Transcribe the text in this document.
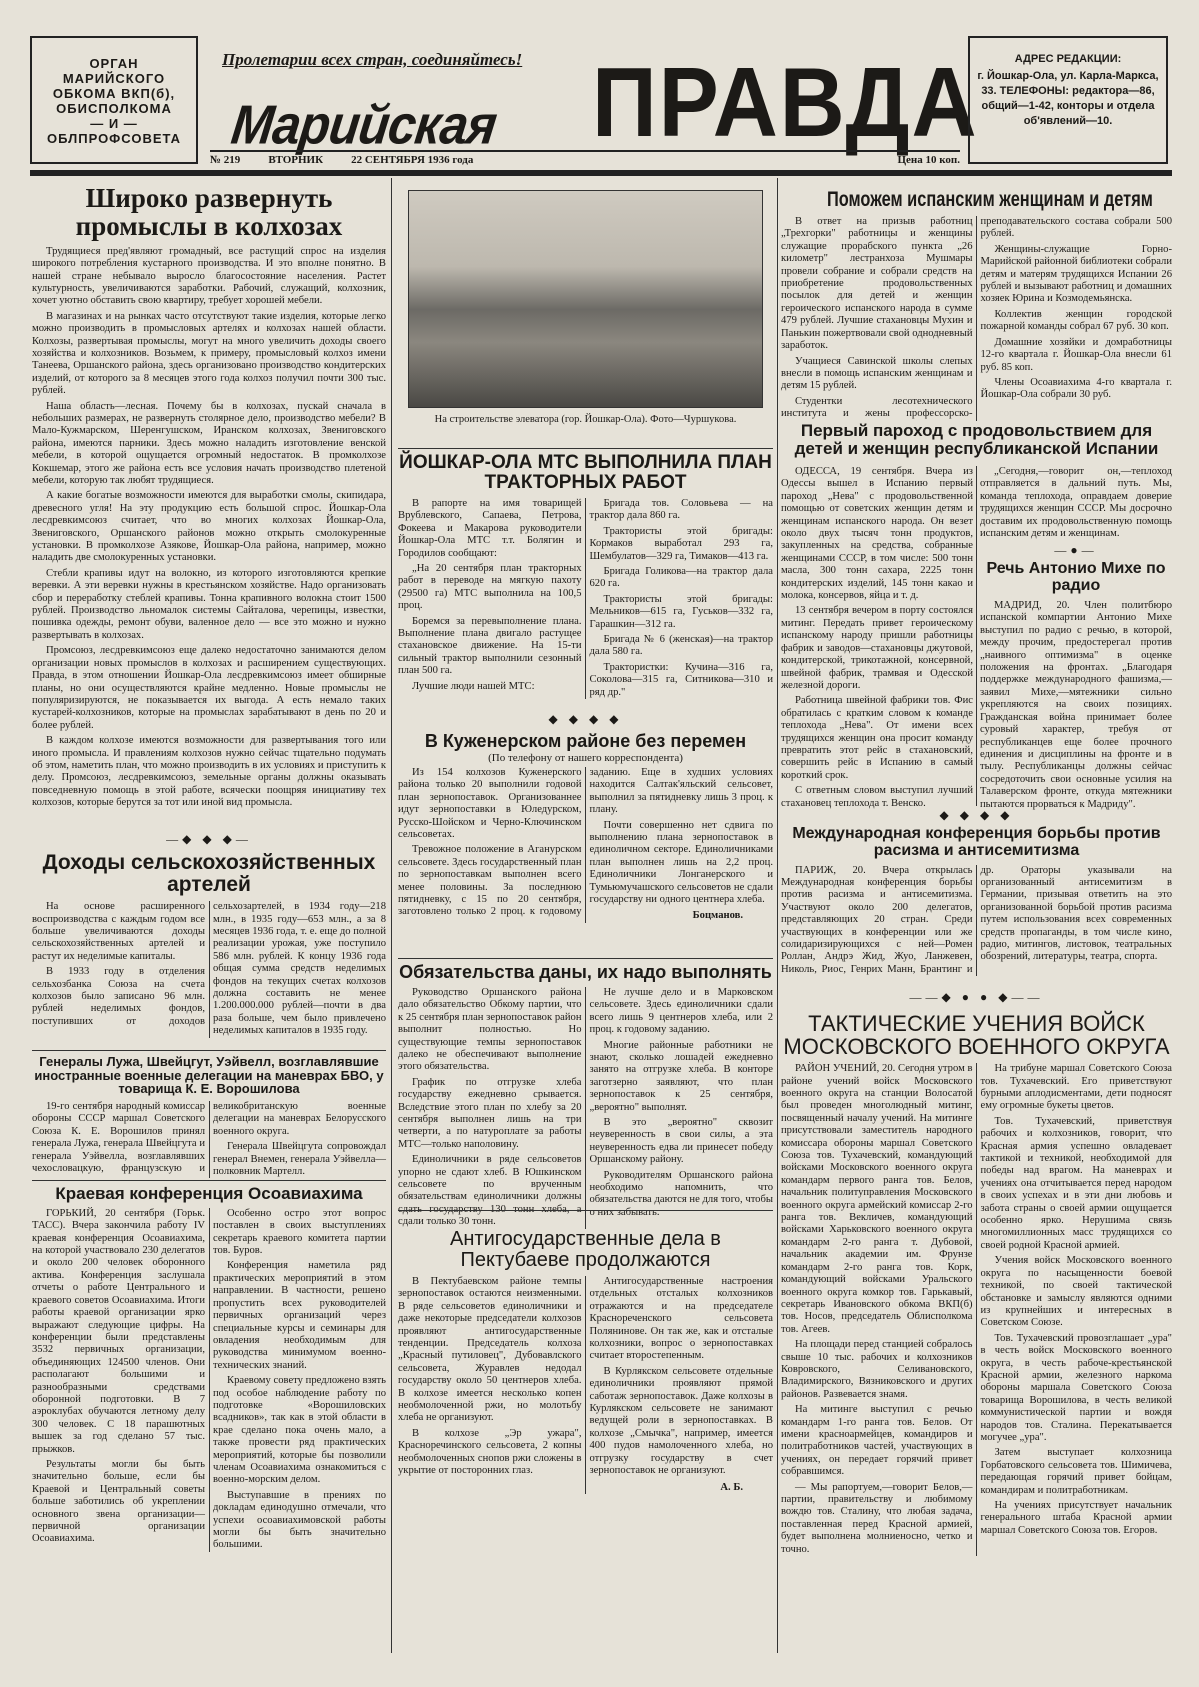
ОРГАН
МАРИЙСКОГО
ОБКОМА ВКП(б),
ОБИСПОЛКОМА
— И —
ОБЛПРОФСОВЕТА
Пролетарии всех стран, соединяйтесь!
Марийская ПРАВДА	АДРЕС РЕДАКЦИИ:
г. Йошкар-Ола, ул. Карла-Маркса, 33. ТЕЛЕФОНЫ: редактора—86, общий—1-42, конторы и отдела об'явлений—10.
№ 219	ВТОРНИК	22 СЕНТЯБРЯ 1936 года	Цена 10 коп.
Широко развернуть промыслы в колхозах

Трудящиеся пред'являют громадный, все растущий спрос на изделия широкого потребления кустарного производства. И это вполне понятно. В нашей стране небывало выросло благосостояние населения. Растет культурность, увеличиваются заработки. Рабочий, служащий, колхозник, хочет уютно обставить свою квартиру, требует хорошей мебели.

В магазинах и на рынках часто отсутствуют такие изделия, которые легко можно производить в промысловых артелях и колхозах нашей области. Колхозы, развертывая промыслы, могут на много увеличить доходы своего хозяйства и колхозников. Возьмем, к примеру, промысловый колхоз имени Танеева, Оршанского района, здесь организовано производство кондитерских изделий, от которого за 8 месяцев этого года колхоз получил почти 300 тыс. рублей.

Наша область—лесная. Почему бы в колхозах, пускай сначала в небольших размерах, не развернуть столярное дело, производство мебели? В Мало-Кужмарском, Шеренгушском, Иранском колхозах, Звениговского района, имеются парники. Здесь можно наладить изготовление венской мебели, в которой ощущается огромный недостаток. В промколхозе Кокшемар, этого же района есть все условия начать производство плетеной мебели, которую так любят трудящиеся.

А какие богатые возможности имеются для выработки смолы, скипидара, древесного угля! На эту продукцию есть большой спрос. Йошкар-Ола лесдревкимсоюз считает, что во многих колхозах Йошкар-Ола, Звениговского, Оршанского районов можно открыть смолокуренные установки. В промколхозе Азякове, Йошкар-Ола района, например, можно наладить две смолокуренных установки.

Стебли крапивы идут на волокно, из которого изготовляются крепкие веревки. А эти веревки нужны в крестьянском хозяйстве. Надо организовать сбор и переработку стеблей крапивы. Тонна крапивного волокна стоит 1500 рублей. Производство льномалок системы Сайталова, черепицы, известки, пошивка одежды, ремонт обуви, валенное дело — все это можно и нужно развертывать в колхозах.

Промсоюз, лесдревкимсоюз еще далеко недостаточно занимаются делом организации новых промыслов в колхозах и расширением существующих. Правда, в этом отношении Йошкар-Ола лесдревкимсоюз имеет обширные планы, но они осуществляются крайне медленно. Новые промыслы не популяризируются, не показывается их выгода. А есть немало таких кустарей-колхозников, которые на промыслах зарабатывают в день по 20 и более рублей.

В каждом колхозе имеются возможности для развертывания того или иного промысла. И правлениям колхозов нужно сейчас тщательно подумать об этом, наметить план, что можно производить в их условиях и приступить к делу. Промсоюз, лесдревкимсоюз, земельные органы должны оказывать повседневную помощь в этой работе, всячески поощряя инициативу тех колхозов, которые берутся за тот или иной вид промысла.

—◆ ◆ ◆—
Доходы сельскохозяйственных артелей

На основе расширенного воспроизводства с каждым годом все больше увеличиваются доходы сельскохозяйственных артелей и растут их неделимые капиталы.

В 1933 году в отделения сельхозбанка Союза на счета колхозов было записано 96 млн. рублей неделимых фондов, поступивших от доходов сельхозартелей, в 1934 году—218 млн., в 1935 году—653 млн., а за 8 месяцев 1936 года, т. е. еще до полной реализации урожая, уже поступило 586 млн. рублей. К концу 1936 года общая сумма средств неделимых фондов на текущих счетах колхозов должна составить не менее 1.200.000.000 рублей—почти в два раза больше, чем было привлечено неделимых капиталов в 1935 году.

Генералы Лужа, Швейцгут, Уэйвелл, возглавлявшие иностранные военные делегации на маневрах БВО, у товарища К. Е. Ворошилова

19-го сентября народный комиссар обороны СССР маршал Советского Союза К. Е. Ворошилов принял генерала Лужа, генерала Швейцгута и генерала Уэйвелла, возглавлявших чехословацкую, французскую и великобританскую военные делегации на маневрах Белорусского военного округа.

Генерала Швейцгута сопровождал генерал Внемен, генерала Уэйвелла—полковник Мартелл.

Краевая конференция Осоавиахима

ГОРЬКИЙ, 20 сентября (Горьк. ТАСС). Вчера закончила работу IV краевая конференция Осоавиахима, на которой участвовало 230 делегатов и около 200 человек оборонного актива. Конференция заслушала отчеты о работе Центрального и краевого советов Осоавиахима. Итоги работы краевой организации ярко выражают следующие цифры. На конференции были представлены 3532 первичных организации, объединяющих 124500 членов. Они располагают большими и разнообразными средствами оборонной подготовки. В 7 аэроклубах обучаются летному делу 300 человек. С 18 парашютных вышек за год сделано 57 тыс. прыжков.

Результаты могли бы быть значительно больше, если бы Краевой и Центральный советы больше заботились об укреплении основного звена организации—первичной организации Осоавиахима.

Особенно остро этот вопрос поставлен в своих выступлениях секретарь краевого комитета партии тов. Буров.

Конференция наметила ряд практических мероприятий в этом направлении. В частности, решено пропустить всех руководителей первичных организаций через специальные курсы и семинары для овладения необходимым для руководства минимумом военно-технических знаний.

Краевому совету предложено взять под особое наблюдение работу по подготовке «Ворошиловских всадников», так как в этой области в крае сделано пока очень мало, а также провести ряд практических мероприятий, которые бы позволили членам Осоавиахима ознакомиться с военно-морским делом.

Выступавшие в прениях по докладам единодушно отмечали, что успехи осоавиахимовской работы могли бы быть значительно большими.

На строительстве элеватора (гор. Йошкар-Ола). Фото—Чуршукова.
ЙОШКАР-ОЛА МТС ВЫПОЛНИЛА ПЛАН ТРАКТОРНЫХ РАБОТ

В рапорте на имя товарищей Врублевского, Сапаева, Петрова, Фокеева и Макарова руководители Йошкар-Ола МТС т.т. Болягин и Городилов сообщают:

„На 20 сентября план тракторных работ в переводе на мягкую пахоту (29500 га) МТС выполнила на 100,5 проц.

Боремся за перевыполнение плана. Выполнение плана двигало растущее стахановское движение. На 15-ти сильный трактор выполнили сезонный план 500 га.

Лучшие люди нашей МТС:

Бригада тов. Соловьева — на трактор дала 860 га.

Трактористы этой бригады: Кормаков выработал 293 га, Шембулатов—329 га, Тимаков—413 га.

Бригада Голикова—на трактор дала 620 га.

Трактористы этой бригады: Мельников—615 га, Гуськов—332 га, Гарашкин—312 га.

Бригада № 6 (женская)—на трактор дала 580 га.

Трактористки: Кучина—316 га, Соколова—315 га, Ситникова—310 и ряд др."

◆ ◆ ◆ ◆
В Куженерском районе без перемен
(По телефону от нашего корреспондента)

Из 154 колхозов Куженерского района только 20 выполнили годовой план зернопоставок. Организованнее идут зернопоставки в Юледурском, Русско-Шойском и Черно-Ключинском сельсоветах.

Тревожное положение в Агануpском сельсовете. Здесь государственный план по зернопоставкам выполнен всего менее половины. За последнюю пятидневку, с 15 по 20 сентября, заготовлено только 2 проц. к годовому заданию. Еще в худших условиях находится Салтак'яльский сельсовет, выполнил за пятидневку лишь 3 проц. к плану.

Почти совершенно нет сдвига по выполнению плана зернопоставок в единоличном секторе. Единоличниками план выполнен лишь на 2,2 проц. Единоличники Лонганерского и Тумьюмучашского сельсоветов не сдали государству ни одного центнера хлеба.

Боцманов.
Обязательства даны, их надо выполнять

Руководство Оршанского района дало обязательство Обкому партии, что к 25 сентября план зернопоставок район выполнит полностью. Но существующие темпы зернопоставок далеко не обеспечивают выполнение этого обязательства.

График по отгрузке хлеба государству ежедневно срывается. Вследствие этого план по хлебу за 20 сентября выполнен лишь на три четверти, а по натуроплате за работы МТС—только наполовину.

Единоличники в ряде сельсоветов упорно не сдают хлеб. В Юшкинском сельсовете по врученным обязательствам единоличники должны сдать государству 130 тонн хлеба, а сдали только 30 тонн.

Не лучше дело и в Марковском сельсовете. Здесь единоличники сдали всего лишь 9 центнеров хлеба, или 2 проц. к годовому заданию.

Многие районные работники не знают, сколько лошадей ежедневно занято на отгрузке хлеба. В конторе заготзерно заявляют, что план зернопоставок к 25 сентября, „вероятно" выполнят.

В это „вероятно" сквозит неуверенность в свои силы, а эта неуверенность едва ли принесет победу Оршанскому району.

Руководителям Оршанского района необходимо напомнить, что обязательства даются не для того, чтобы о них забывать.

Антигосударственные дела в Пектубаеве продолжаются

В Пектубаевском районе темпы зернопоставок остаются неизменными. В ряде сельсоветов единоличники и даже некоторые председатели колхозов проявляют антигосударственные тенденции. Председатель колхоза „Красный путиловец", Дубовавлского сельсовета, Журавлев недодал государству около 50 центнеров хлеба. В колхозе имеется несколько копен необмолоченной ржи, но молотьбу хлеба не организуют.

В колхозе „Эр ужара", Красноречинского сельсовета, 2 копны необмолоченных снопов ржи сложены в укрытие от посторонних глаз.

Антигосударственные настроения отдельных отсталых колхозников отражаются и на председателе Краснореченского сельсовета Полянинове. Он так же, как и отсталые колхозники, вопрос о зернопоставках считает второстепенным.

В Курлякском сельсовете отдельные единоличники проявляют прямой саботаж зернопоставок. Даже колхозы в Курлякском сельсовете не занимают ведущей роли в зернопоставках. В колхозе „Смычка", например, имеется 400 пудов намолоченного хлеба, но отгрузку государству в счет зернопоставок не организуют.

А. Б.
Поможем испанским женщинам и детям

В ответ на призыв работниц „Трехгорки" работницы и женщины служащие прорабского пункта „26 километр" лестранхоза Мушмары провели собрание и собрали средств на приобретение продовольственных посылок для детей и женщин героического испанского народа в сумме 479 рублей. Лучшие стахановцы Мухин и Панькин пожертвовали свой однодневный заработок.

Учащиеся Савинской школы слепых внесли в помощь испанским женщинам и детям 15 рублей.

Студентки лесотехнического института и жены профессорско-преподавательского состава собрали 500 рублей.

Женщины-служащие Горно-Марийской районной библиотеки собрали детям и матерям трудящихся Испании 26 рублей и вызывают работниц и домашних хозяек Юрина и Козмодемьянска.

Коллектив женщин городской пожарной команды собрал 67 руб. 30 коп.

Домашние хозяйки и домработницы 12-го квартала г. Йошкар-Ола внесли 61 руб. 85 коп.

Члены Осоавиахима 4-го квартала г. Йошкар-Ола собрали 30 руб.

Первый пароход с продовольствием для детей и женщин республиканской Испании

ОДЕССА, 19 сентября. Вчера из Одессы вышел в Испанию первый пароход „Нева" с продовольственной помощью от советских женщин детям и женщинам испанского народа. Он везет около двух тысяч тонн продуктов, закупленных на средства, собранные женщинами СССР, в том числе: 500 тонн масла, 300 тонн сахара, 2225 тонн кондитерских изделий, 145 тонн какао и молока, консервов, яйца и т. д.

13 сентября вечером в порту состоялся митинг. Передать привет героическому испанскому народу пришли работницы фабрик и заводов—стахановцы джутовой, кондитерской, трикотажной, консервной, швейной фабрик, трамвая и Одесской железной дороги.

Работница швейной фабрики тов. Фис обратилась с кратким словом к команде теплохода „Нева". От имени всех трудящихся женщин она просит команду превратить этот рейс в стахановский, совершить рейс в Испанию в самый короткий срок.

С ответным словом выступил лучший стахановец теплохода т. Венско.

„Сегодня,—говорит он,—теплоход отправляется в дальний путь. Мы, команда теплохода, оправдаем доверие трудящихся женщин СССР. Мы досрочно доставим их продовольственную помощь испанским детям и женщинам.

—●—
Речь Антонио Михе по радио

МАДРИД, 20. Член политбюро испанской компартии Антонио Михе выступил по радио с речью, в которой, между прочим, предостерегал против „наивного оптимизма" в оценке положения на фронтах. „Благодаря поддержке международного фашизма,—заявил Михе,—мятежники сильно укрепляются на своих позициях. Гражданская война принимает более суровый характер, требуя от республиканцев еще более прочного единения и дисциплины на фронте и в тылу. Республиканцы должны сейчас сосредоточить свои основные усилия на Талаверском фронте, откуда мятежники пытаются прорваться к Мадриду".

◆ ◆ ◆ ◆
Международная конференция борьбы против расизма и антисемитизма

ПАРИЖ, 20. Вчера открылась Международная конференция борьбы против расизма и антисемитизма. Участвуют около 200 делегатов, представляющих 20 стран. Среди участвующих в конференции или же солидаризирующихся с ней—Ромен Роллан, Андрэ Жид, Жуо, Ланжевен, Николь, Риос, Генрих Манн, Брантинг и др. Ораторы указывали на организованный антисемитизм в Германии, призывая ответить на это организованной борьбой против расизма путем использования всех современных средств пропаганды, в том числе кино, радио, митингов, листовок, театральных обозрений, литературы, театра, спорта.

——◆ ● ● ◆——
ТАКТИЧЕСКИЕ УЧЕНИЯ ВОЙСК МОСКОВСКОГО ВОЕННОГО ОКРУГА

РАЙОН УЧЕНИЙ, 20. Сегодня утром в районе учений войск Московского военного округа на станции Волосатой был проведен многолюдный митинг, посвященный началу учений. На митинге присутствовали заместитель народного комиссара обороны маршал Советского Союза тов. Тухачевский, командующий войсками Московского военного округа командарм первого ранга тов. Белов, начальник политуправления Московского военного округа армейский комиссар 2-го ранга тов. Векличев, командующий войсками Харьковского военного округа командарм 2-го ранга т. Дубовой, начальник академии им. Фрунзе командарм 2-го ранга тов. Корк, командующий войсками Уральского военного округа комкор тов. Гарькавый, секретарь Ивановского обкома ВКП(б) тов. Носов, председатель Облисполкома тов. Агеев.

На площади перед станцией собралось свыше 10 тыс. рабочих и колхозников Ковровского, Селивановского, Владимирского, Вязниковского и других районов. Развевается знамя.

На митинге выступил с речью командарм 1-го ранга тов. Белов. От имени красноармейцев, командиров и политработников частей, участвующих в учениях, он передает горячий привет собравшимся.

— Мы рапортуем,—говорит Белов,—партии, правительству и любимому вождю тов. Сталину, что любая задача, поставленная перед Красной армией, будет выполнена молниеносно, четко и точно.

На трибуне маршал Советского Союза тов. Тухачевский. Его приветствуют бурными аплодисментами, дети подносят ему огромные букеты цветов.

Тов. Тухачевский, приветствуя рабочих и колхозников, говорит, что Красная армия успешно овладевает тактикой и техникой, необходимой для победы над врагом. На маневрах и учениях она отчитывается перед народом в своих успехах и в эти дни любовь и забота страны о своей армии ощущается особенно ярко. Нерушима связь многомиллионных масс трудящихся со своей родной Красной армией.

Учения войск Московского военного округа по насыщенности боевой техникой, по своей тактической обстановке и замыслу являются одними из крупнейших и интересных в Советском Союзе.

Тов. Тухачевский провозглашает „ура" в честь войск Московского военного округа, в честь рабоче-крестьянской Красной армии, железного наркома обороны маршала Советского Союза товарища Ворошилова, в честь великой коммунистической партии и вождя народов тов. Сталина. Перекатывается могучее „ура".

Затем выступает колхозница Горбатовского сельсовета тов. Шимичева, передающая горячий привет бойцам, командирам и политработникам.

На учениях присутствует начальник генерального штаба Красной армии маршал Советского Союза тов. Егоров.
